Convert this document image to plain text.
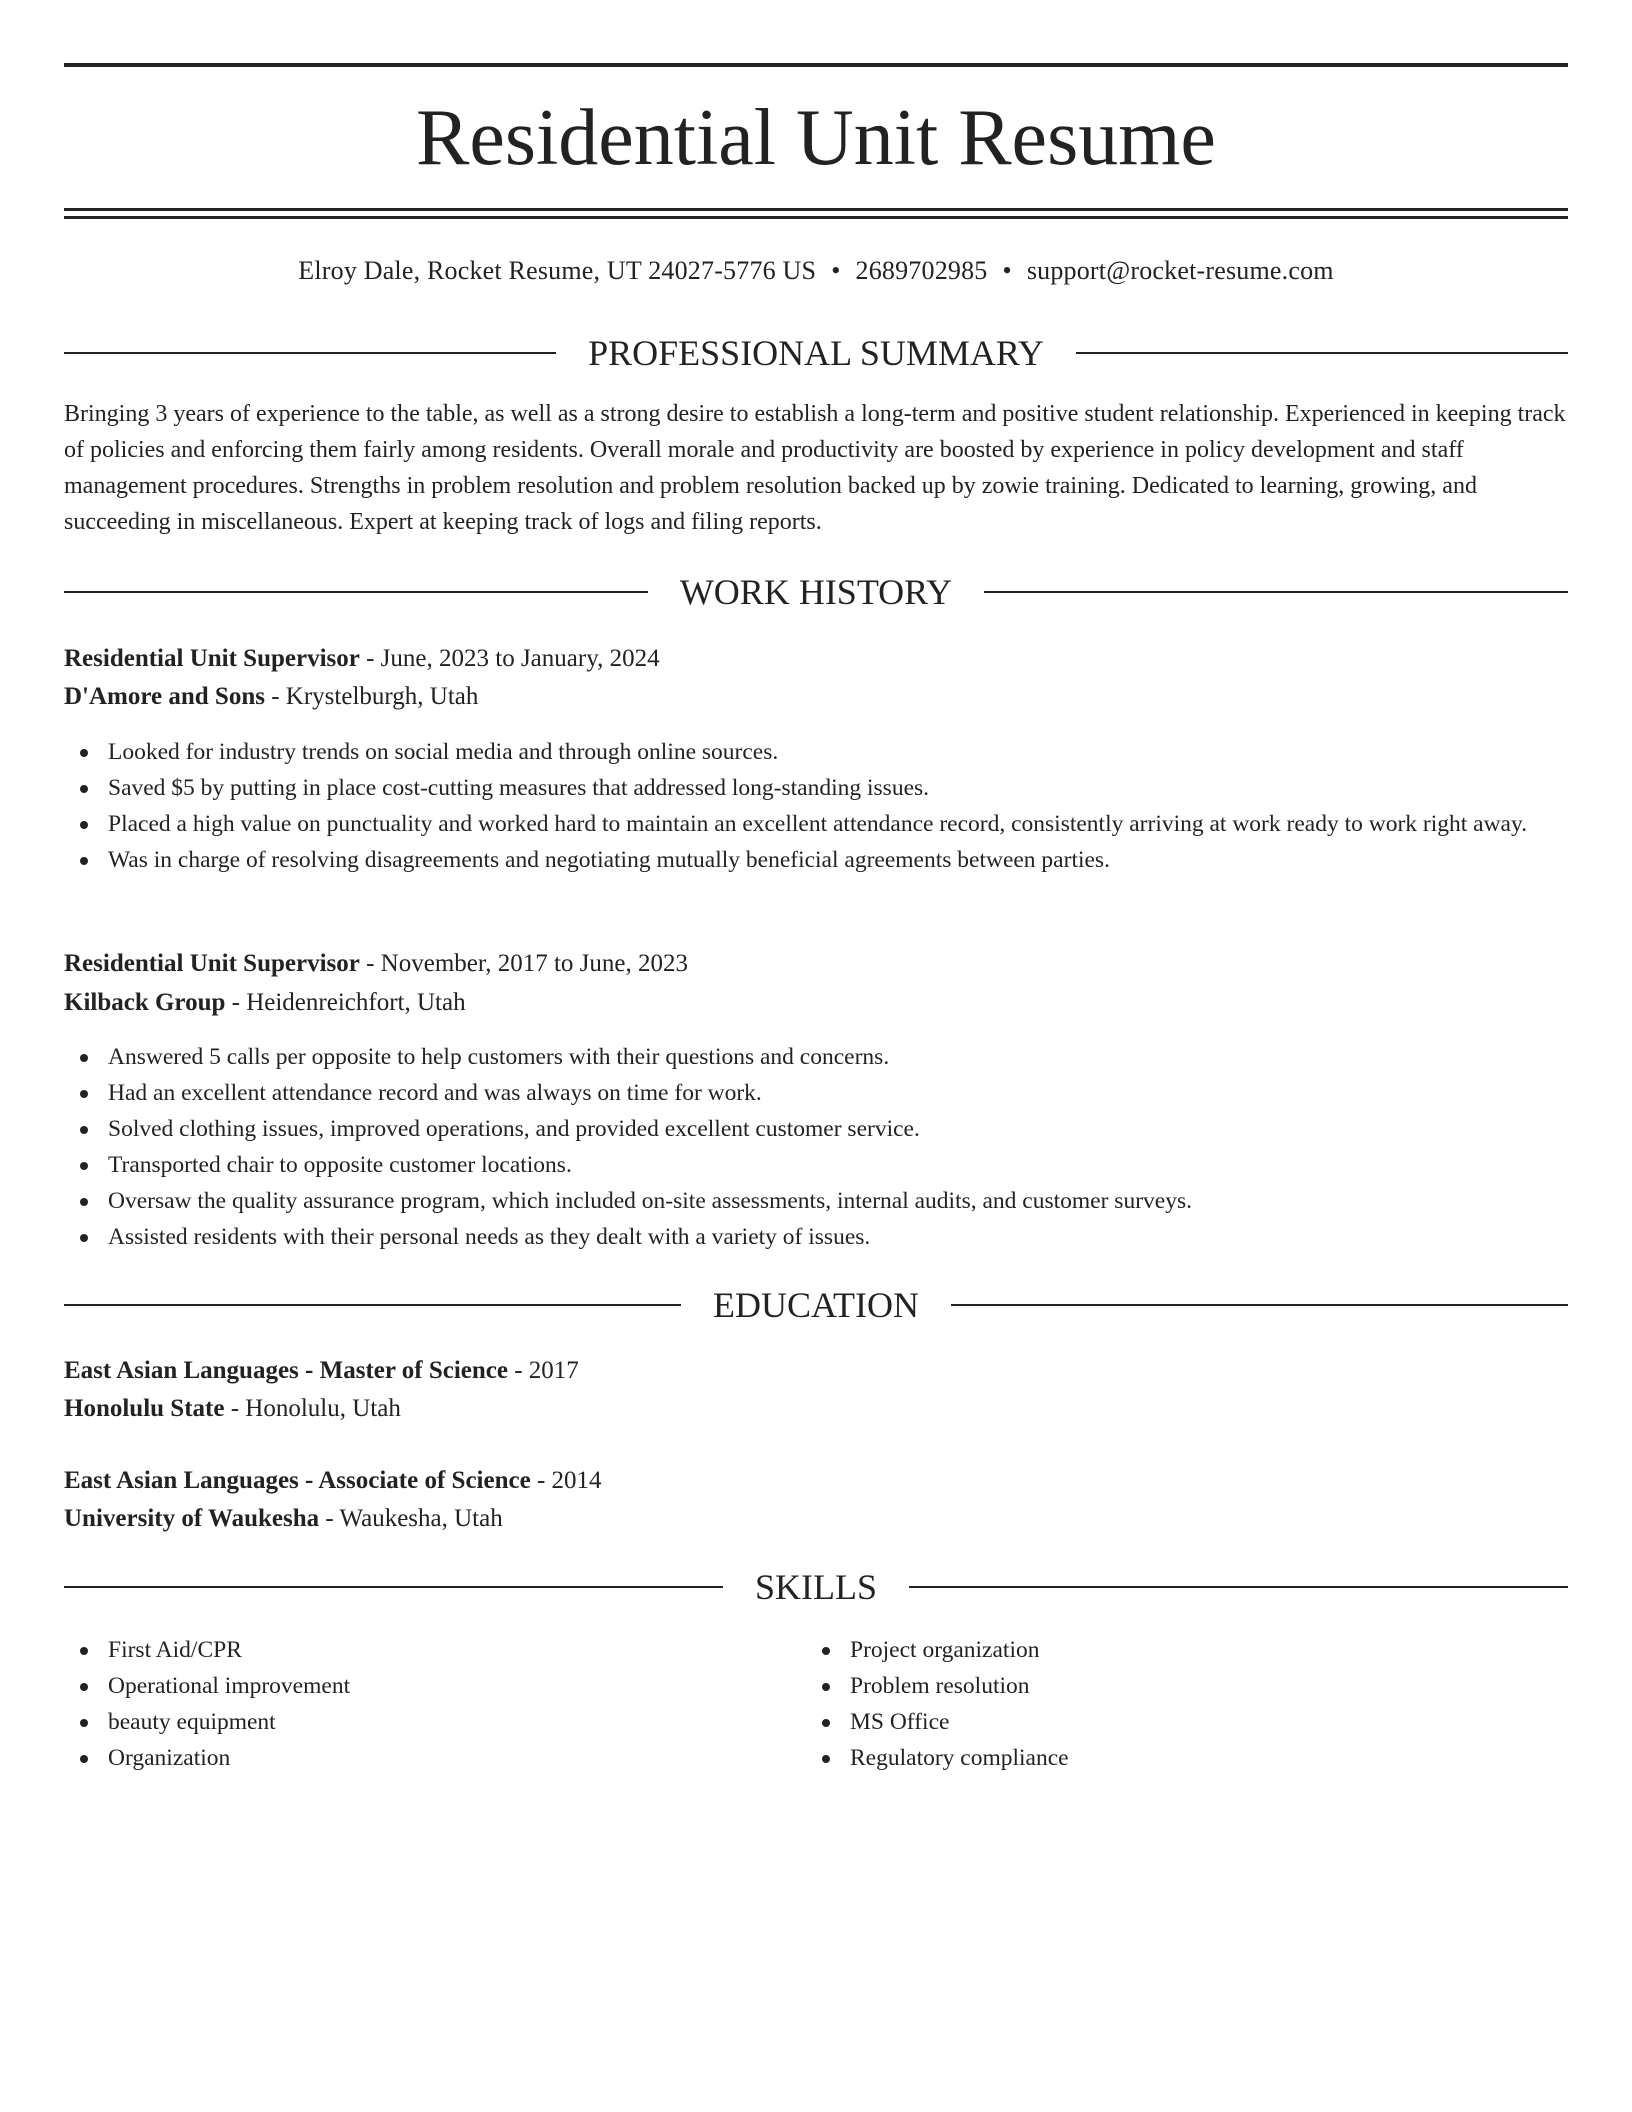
Residential Unit Resume
Elroy Dale, Rocket Resume, UT 24027-5776 US • 2689702985 • support@rocket-resume.com
PROFESSIONAL SUMMARY
Bringing 3 years of experience to the table, as well as a strong desire to establish a long-term and positive student relationship. Experienced in keeping track of policies and enforcing them fairly among residents. Overall morale and productivity are boosted by experience in policy development and staff management procedures. Strengths in problem resolution and problem resolution backed up by zowie training. Dedicated to learning, growing, and succeeding in miscellaneous. Expert at keeping track of logs and filing reports.
WORK HISTORY
Residential Unit Supervisor - June, 2023 to January, 2024
D'Amore and Sons - Krystelburgh, Utah
Looked for industry trends on social media and through online sources.
Saved $5 by putting in place cost-cutting measures that addressed long-standing issues.
Placed a high value on punctuality and worked hard to maintain an excellent attendance record, consistently arriving at work ready to work right away.
Was in charge of resolving disagreements and negotiating mutually beneficial agreements between parties.
Residential Unit Supervisor - November, 2017 to June, 2023
Kilback Group - Heidenreichfort, Utah
Answered 5 calls per opposite to help customers with their questions and concerns.
Had an excellent attendance record and was always on time for work.
Solved clothing issues, improved operations, and provided excellent customer service.
Transported chair to opposite customer locations.
Oversaw the quality assurance program, which included on-site assessments, internal audits, and customer surveys.
Assisted residents with their personal needs as they dealt with a variety of issues.
EDUCATION
East Asian Languages - Master of Science - 2017
Honolulu State - Honolulu, Utah
East Asian Languages - Associate of Science - 2014
University of Waukesha - Waukesha, Utah
SKILLS
First Aid/CPR
Operational improvement
beauty equipment
Organization
Project organization
Problem resolution
MS Office
Regulatory compliance
